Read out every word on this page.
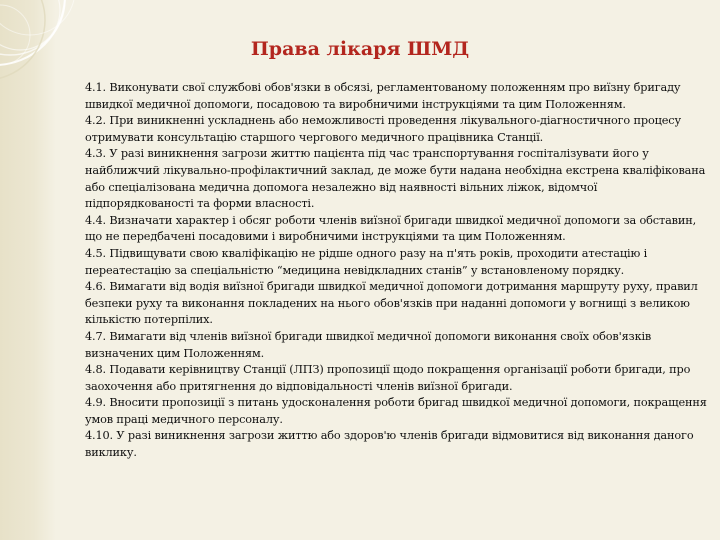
Права лікаря ШМД

4.1. Виконувати свої службові обов'язки в обсязі, регламентованому положенням про виїзну бригаду швидкої медичної допомоги, посадовою та виробничими інструкціями та цим Положенням.

4.2. При виникненні ускладнень або неможливості проведення лікувального-діагностичного процесу отримувати консультацію старшого чергового медичного працівника Станції.

4.3. У разі виникнення загрози життю пацієнта під час транспортування госпіталізувати його у найближчий лікувально-профілактичний заклад, де може бути надана необхідна екстрена кваліфікована або спеціалізована медична допомога незалежно від наявності вільних ліжок, відомчої підпорядкованості та форми власності.

4.4. Визначати характер і обсяг роботи членів виїзної бригади швидкої медичної допомоги за обставин, що не передбачені посадовими і виробничими інструкціями та цим Положенням.

4.5. Підвищувати свою кваліфікацію не рідше одного разу на п'ять років, проходити атестацію і переатестацію за спеціальністю “медицина невідкладних станів” у встановленому порядку.

4.6. Вимагати від водія виїзної бригади швидкої медичної допомоги дотримання маршруту руху, правил безпеки руху та виконання покладених на нього обов'язків при наданні допомоги у вогнищі з великою кількістю потерпілих.

4.7. Вимагати від членів виїзної бригади швидкої медичної допомоги виконання своїх обов'язків визначених цим Положенням.

4.8. Подавати керівництву Станції (ЛПЗ) пропозиції щодо покращення організації роботи бригади, про заохочення або притягнення до відповідальності членів виїзної бригади.

4.9. Вносити пропозиції з питань удосконалення роботи бригад швидкої медичної допомоги, покращення умов праці медичного персоналу.

4.10. У разі виникнення загрози життю або здоров'ю членів бригади відмовитися від виконання даного виклику.
